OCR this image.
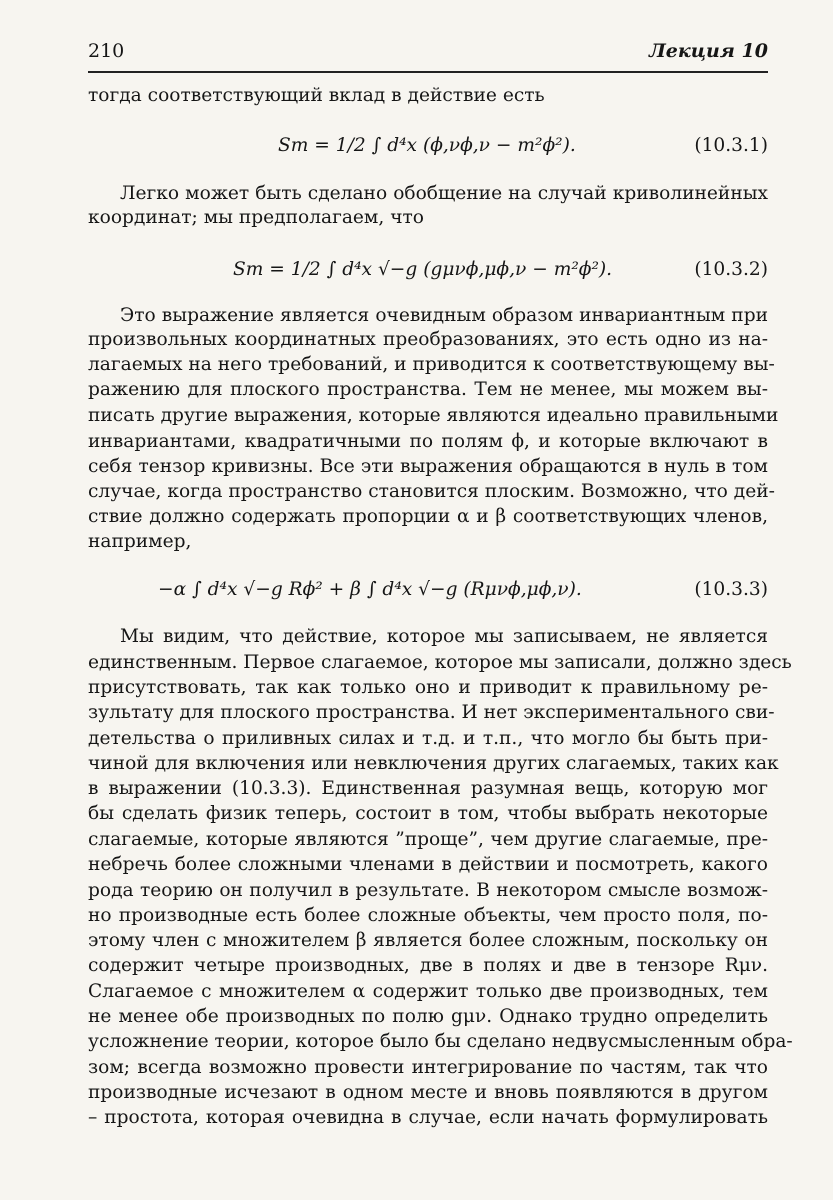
210	Лекция 10
тогда соответствующий вклад в действие есть
Sm = 1/2 ∫ d⁴x (ϕ,νϕ,ν − m²ϕ²).	(10.3.1)
Легко может быть сделано обобщение на случай криволинейных
координат; мы предполагаем, что
Sm = 1/2 ∫ d⁴x √−g (gμνϕ,μϕ,ν − m²ϕ²).	(10.3.2)
Это выражение является очевидным образом инвариантным при
произвольных координатных преобразованиях, это есть одно из на-
лагаемых на него требований, и приводится к соответствующему вы-
ражению для плоского пространства. Тем не менее, мы можем вы-
писать другие выражения, которые являются идеально правильными
инвариантами, квадратичными по полям ϕ, и которые включают в
себя тензор кривизны. Все эти выражения обращаются в нуль в том
случае, когда пространство становится плоским. Возможно, что дей-
ствие должно содержать пропорции α и β соответствующих членов,
например,
−α ∫ d⁴x √−g Rϕ² + β ∫ d⁴x √−g (Rμνϕ,μϕ,ν).	(10.3.3)
Мы видим, что действие, которое мы записываем, не является
единственным. Первое слагаемое, которое мы записали, должно здесь
присутствовать, так как только оно и приводит к правильному ре-
зультату для плоского пространства. И нет экспериментального сви-
детельства о приливных силах и т.д. и т.п., что могло бы быть при-
чиной для включения или невключения других слагаемых, таких как
в выражении (10.3.3). Единственная разумная вещь, которую мог
бы сделать физик теперь, состоит в том, чтобы выбрать некоторые
слагаемые, которые являются ”проще”, чем другие слагаемые, пре-
небречь более сложными членами в действии и посмотреть, какого
рода теорию он получил в результате. В некотором смысле возмож-
но производные есть более сложные объекты, чем просто поля, по-
этому член с множителем β является более сложным, поскольку он
содержит четыре производных, две в полях и две в тензоре Rμν.
Слагаемое с множителем α содержит только две производных, тем
не менее обе производных по полю gμν. Однако трудно определить
усложнение теории, которое было бы сделано недвусмысленным обра-
зом; всегда возможно провести интегрирование по частям, так что
производные исчезают в одном месте и вновь появляются в другом
– простота, которая очевидна в случае, если начать формулировать
